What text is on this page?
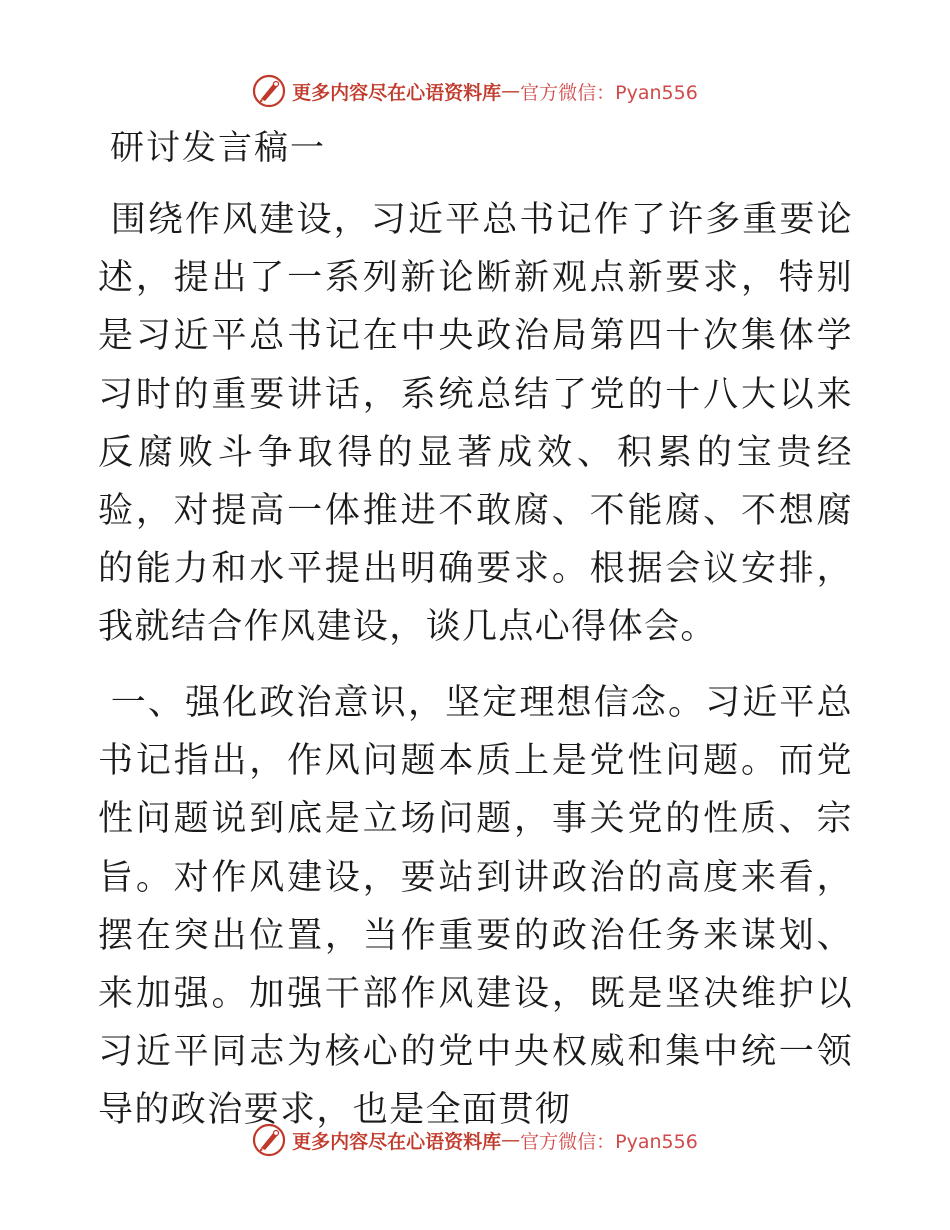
更多内容尽在心语资料库 — 官方微信：Pyan556
研讨发言稿一

围绕作风建设，习近平总书记作了许多重要论述，提出了一系列新论断新观点新要求，特别是习近平总书记在中央政治局第四十次集体学习时的重要讲话，系统总结了党的十八大以来反腐败斗争取得的显著成效、积累的宝贵经验，对提高一体推进不敢腐、不能腐、不想腐的能力和水平提出明确要求。根据会议安排，我就结合作风建设，谈几点心得体会。

一、强化政治意识，坚定理想信念。习近平总书记指出，作风问题本质上是党性问题。而党性问题说到底是立场问题，事关党的性质、宗旨。对作风建设，要站到讲政治的高度来看，摆在突出位置，当作重要的政治任务来谋划、来加强。加强干部作风建设，既是坚决维护以习近平同志为核心的党中央权威和集中统一领导的政治要求，也是全面贯彻

更多内容尽在心语资料库 — 官方微信：Pyan556
